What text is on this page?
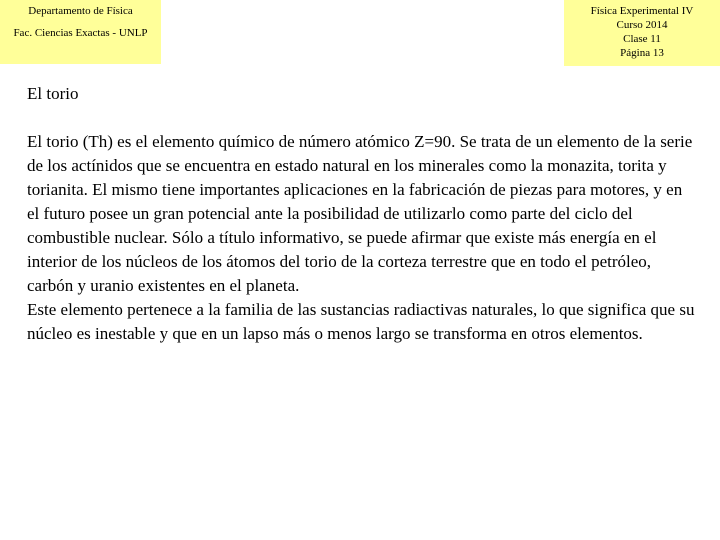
Departamento de Física
Fac. Ciencias Exactas - UNLP
Física Experimental IV
Curso 2014
Clase 11
Página 13
El torio

El torio (Th) es el elemento químico de número atómico Z=90. Se trata de un elemento de la serie de los actínidos que se encuentra en estado natural en los minerales como la monazita, torita y torianita. El mismo tiene importantes aplicaciones en la fabricación de piezas para motores, y en el futuro posee un gran potencial ante la posibilidad de utilizarlo como parte del ciclo del combustible nuclear. Sólo a título informativo, se puede afirmar que existe más energía en el interior de los núcleos de los átomos del torio de la corteza terrestre que en todo el petróleo, carbón y uranio existentes en el planeta.

Este elemento pertenece a la familia de las sustancias radiactivas naturales, lo que significa que su núcleo es inestable y que en un lapso más o menos largo se transforma en otros elementos.
